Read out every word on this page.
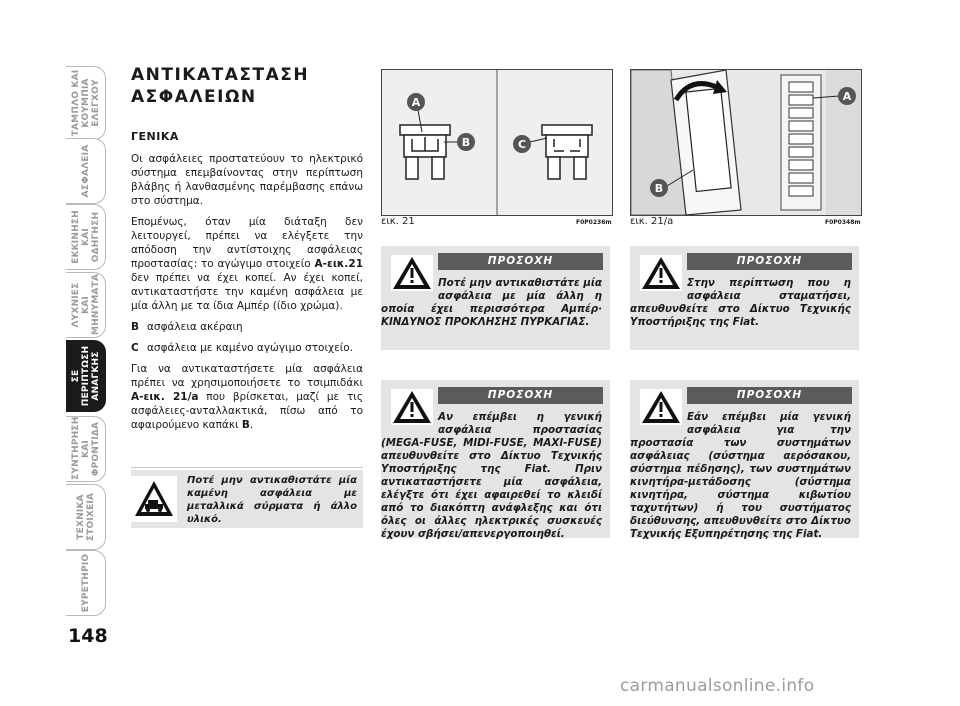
ΤΑΜΠΛΟ ΚΑΙ ΚΟΥΜΠΙΑ ΕΛΕΓΧΟΥ
ΑΣΦΑΛΕΙΑ
ΕΚΚΙΝΗΣΗ ΚΑΙ ΟΔΗΓΗΣΗ
ΛΥΧΝΙΕΣ ΚΑΙ ΜΗΝΥΜΑΤΑ
ΣΕ ΠΕΡΙΠΤΩΣΗ ΑΝΑΓΚΗΣ
ΣΥΝΤΗΡΗΣΗ ΚΑΙ ΦΡΟΝΤΙΔΑ
ΤΕΧΝΙΚΑ ΣΤΟΙΧΕΙΑ
ΕΥΡΕΤΗΡΙΟ
148
ΑΝΤΙΚΑΤΑΣΤΑΣΗ
ΑΣΦΑΛΕΙΩΝ
ΓΕΝΙΚΑ

Οι ασφάλειες προστατεύουν το ηλεκτρικό σύστημα επεμβαίνοντας στην περίπτωση βλάβης ή λανθασμένης παρέμβασης επάνω στο σύστημα.

Επομένως, όταν μία διάταξη δεν λειτουργεί, πρέπει να ελέγξετε την απόδοση την αντίστοιχης ασφάλειας προστασίας: το αγώγιμο στοιχείο A-εικ.21 δεν πρέπει να έχει κοπεί. Αν έχει κοπεί, αντικαταστήστε την καμένη ασφάλεια με μία άλλη με τα ίδια Αμπέρ (ίδιο χρώμα).

B ασφάλεια ακέραιη
C ασφάλεια με καμένο αγώγιμο στοιχείο.

Για να αντικαταστήσετε μία ασφάλεια πρέπει να χρησιμοποιήσετε το τσιμπιδάκι A-εικ. 21/a που βρίσκεται, μαζί με τις ασφάλειες-ανταλλακτικά, πίσω από το αφαιρούμενο καπάκι B.

Ποτέ μην αντικαθιστάτε μία καμένη ασφάλεια με μεταλλικά σύρματα ή άλλο υλικό.
A
B	C
εικ. 21	F0P0236m
A
B
εικ. 21/a	F0P0348m
ΠΡΟΣΟΧΗ
Ποτέ μην αντικαθιστάτε μία ασφάλεια με μία άλλη η οποία έχει περισσότερα Αμπέρ· ΚΙΝΔΥΝΟΣ ΠΡΟΚΛΗΣΗΣ ΠΥΡΚΑΓΙΑΣ.
ΠΡΟΣΟΧΗ
Στην περίπτωση που η ασφάλεια σταματήσει, απευθυνθείτε στο Δίκτυο Τεχνικής Υποστήριξης της Fiat.
ΠΡΟΣΟΧΗ
Αν επέμβει η γενική ασφάλεια προστασίας (MEGA-FUSE, MIDI-FUSE, MAXI-FUSE) απευθυνθείτε στο Δίκτυο Τεχνικής Υποστήριξης της Fiat. Πριν αντικαταστήσετε μία ασφάλεια, ελέγξτε ότι έχει αφαιρεθεί το κλειδί από το διακόπτη ανάφλεξης και ότι όλες οι άλλες ηλεκτρικές συσκευές έχουν σβήσει/απενεργοποιηθεί.
ΠΡΟΣΟΧΗ
Εάν επέμβει μία γενική ασφάλεια για την προστασία των συστημάτων ασφάλειας (σύστημα αερόσακου, σύστημα πέδησης), των συστημάτων κινητήρα-μετάδοσης (σύστημα κινητήρα, σύστημα κιβωτίου ταχυτήτων) ή του συστήματος διεύθυνσης, απευθυνθείτε στο Δίκτυο Τεχνικής Εξυπηρέτησης της Fiat.
carmanualsonline.info
